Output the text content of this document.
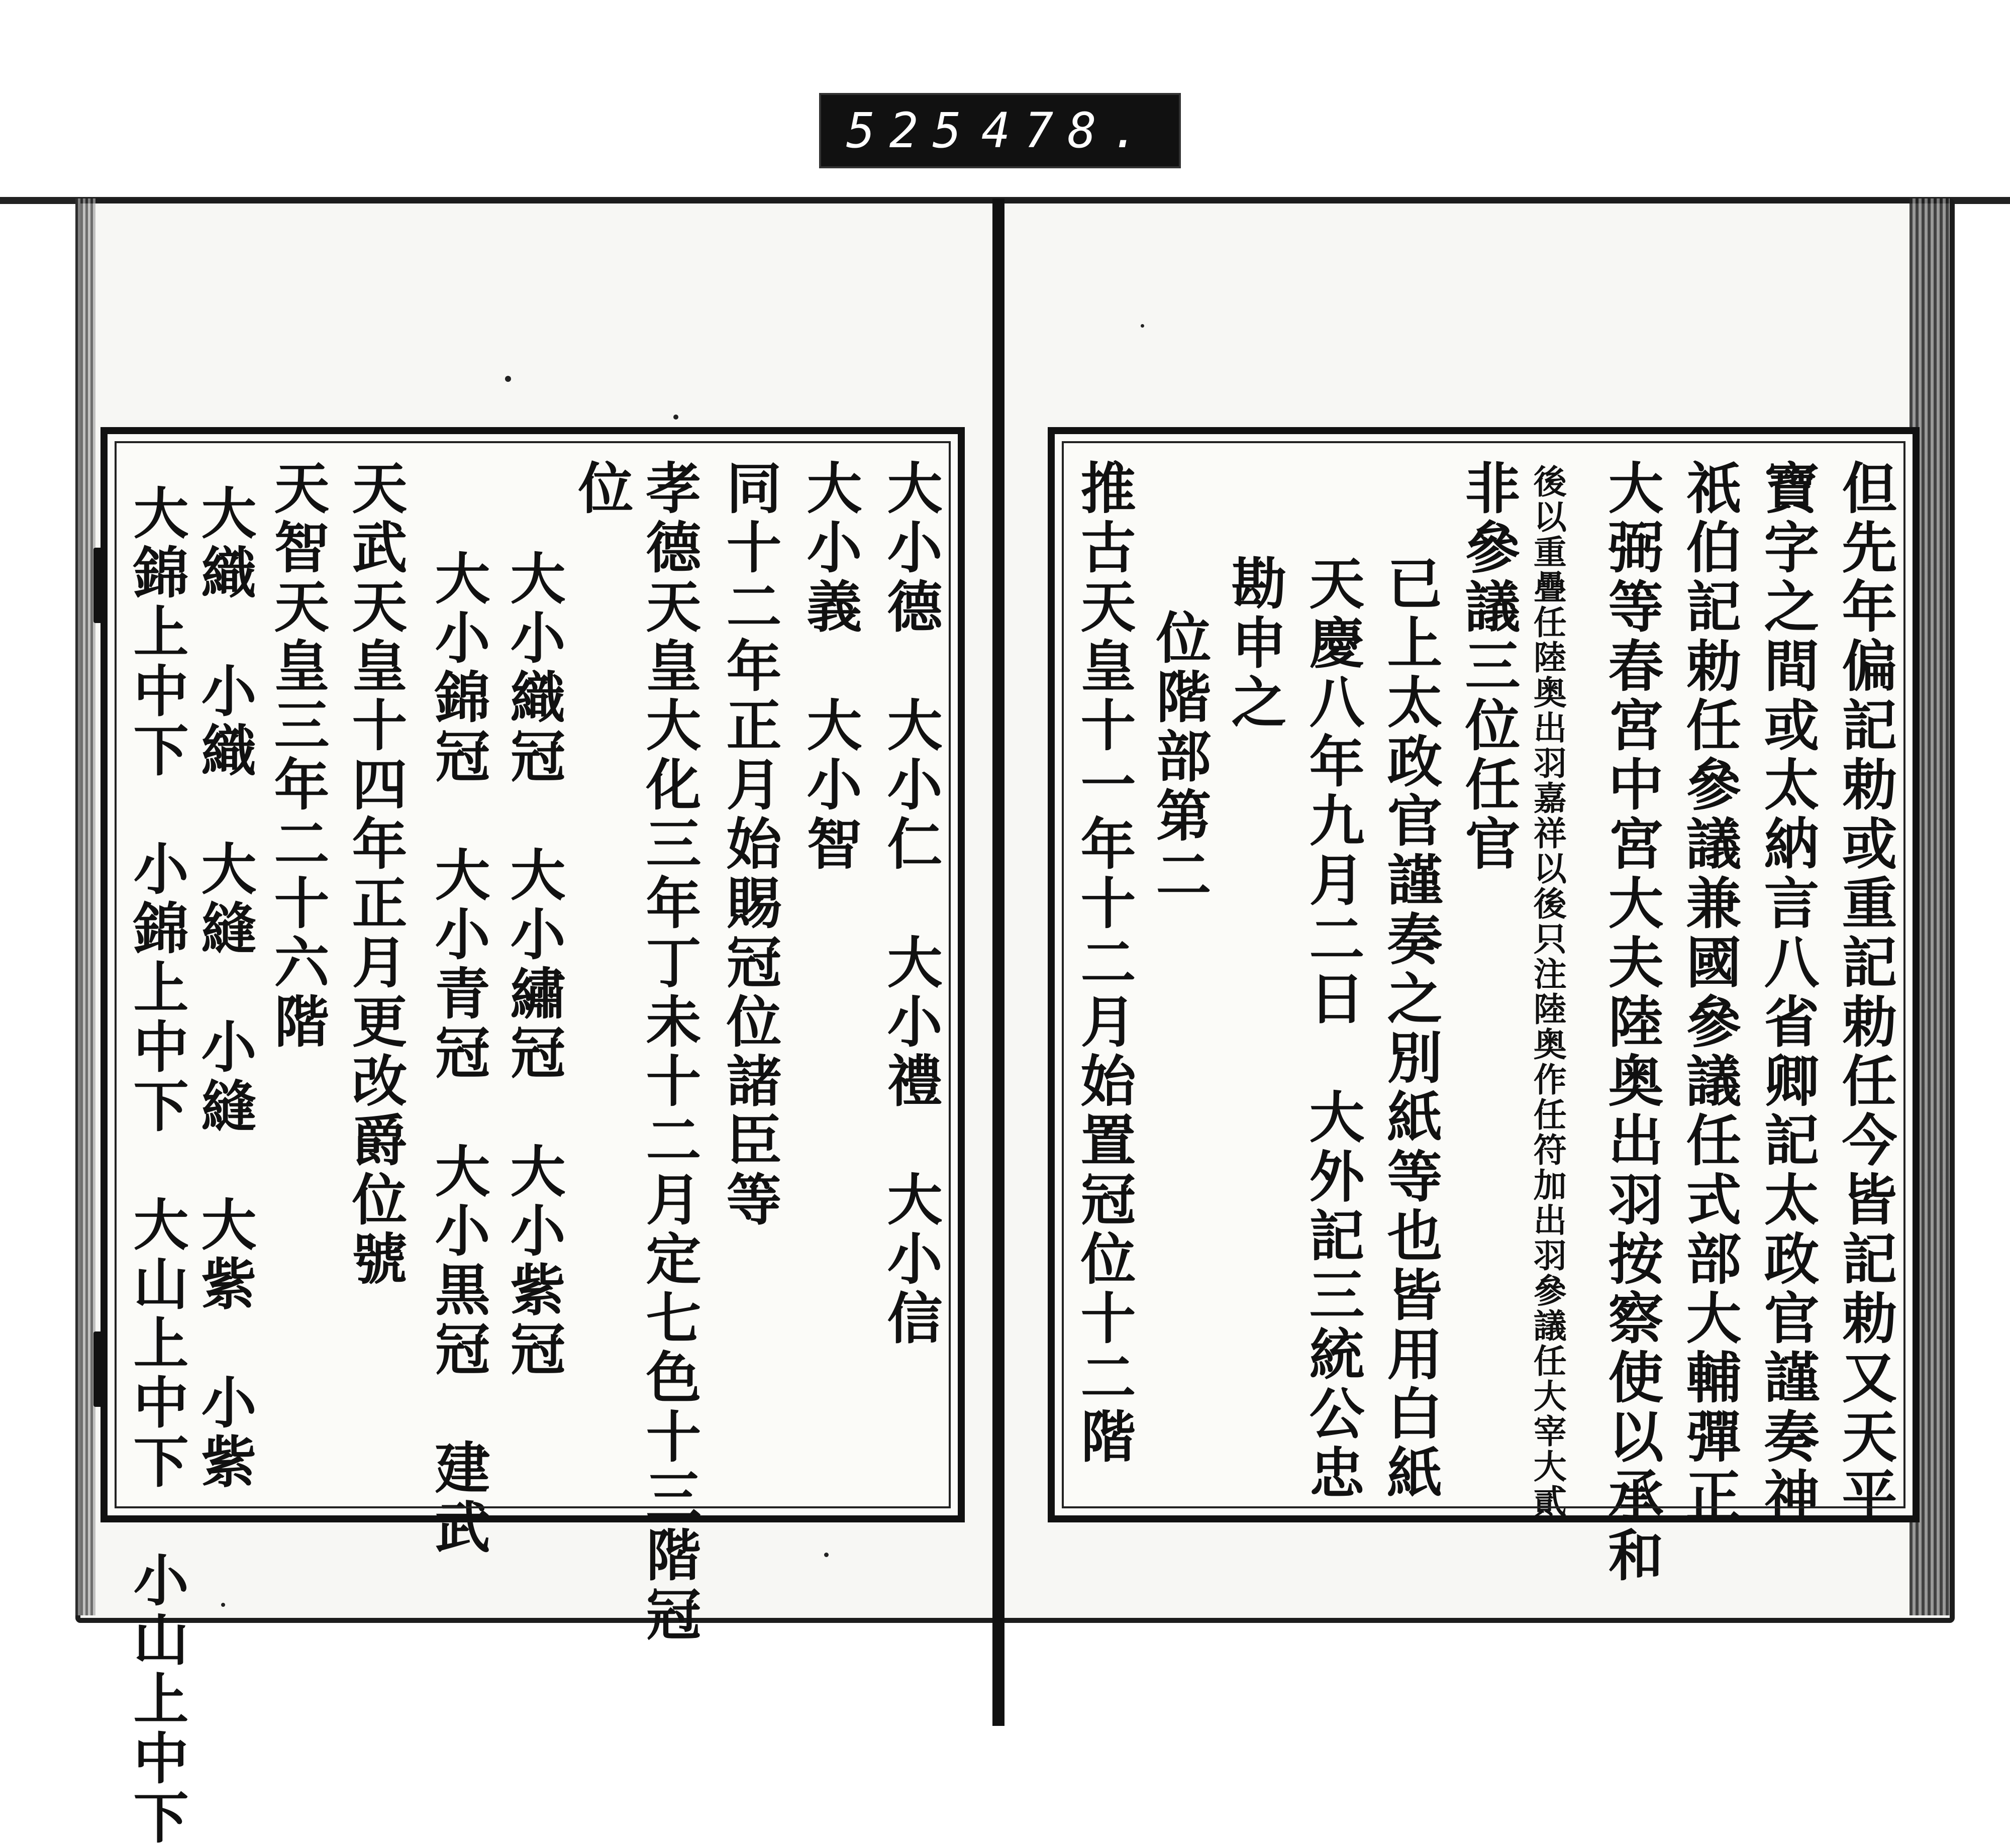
525 478.
大小德　大小仁　大小禮　大小信
大小義　大小智
同十二年正月始賜冠位諸臣等
孝德天皇大化三年丁未十二月定七色十三階冠
位
大小織冠　大小繡冠　大小紫冠
大小錦冠　大小青冠　大小黒冠　建武
天武天皇十四年正月更改爵位號
天智天皇三年二十六階
大織　小織　大縫　小縫　大紫　小紫
大錦上中下　小錦上中下　大山上中下　小山上中下	但先年偏記勅或重記勅任今皆記勅又天平
寶字之間或太納言八省卿記太政官謹奏神
祇伯記勅任參議兼國參議任式部大輔彈正
大弼等春宮中宮大夫陸奥出羽按察使以承和
後以重疊任陸奥出羽嘉祥以後只注陸奥作任符加出羽參議任大宰大貳
非參議三位任官
已上太政官謹奏之別紙等也皆用白紙
天慶八年九月二日　大外記三統公忠
勘申之
　位階部第二
推古天皇十一年十二月始置冠位十二階
